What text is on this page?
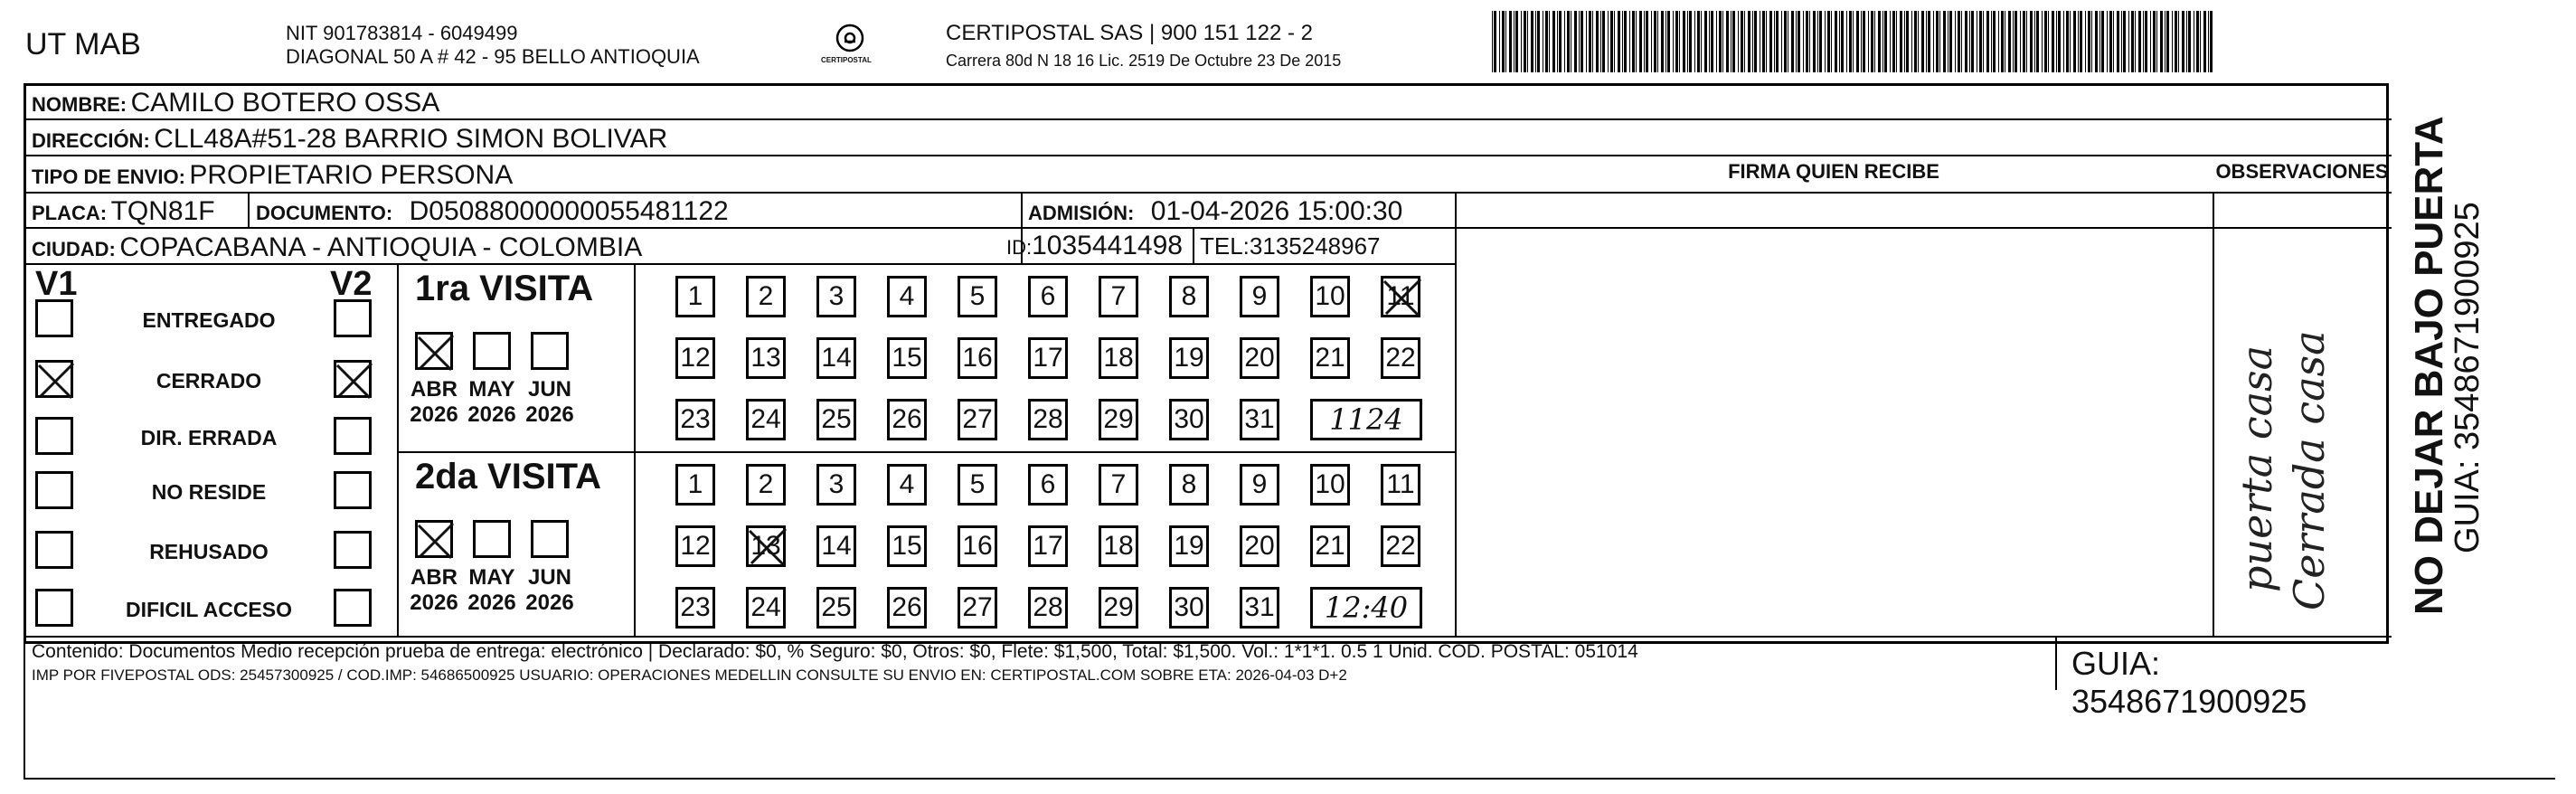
UT MAB	NIT 901783814 - 6049499
DIAGONAL 50 A # 42 - 95 BELLO ANTIOQUIA	CERTIPOSTAL
CERTIPOSTAL SAS | 900 151 122 - 2
Carrera 80d N 18 16 Lic. 2519 De Octubre 23 De 2015
NOMBRE: CAMILO BOTERO OSSA
DIRECCIÓN: CLL48A#51-28 BARRIO SIMON BOLIVAR
TIPO DE ENVIO: PROPIETARIO PERSONA	FIRMA QUIEN RECIBE	OBSERVACIONES
PLACA: TQN81F DOCUMENTO: D05088000000055481122	ADMISIÓN: 01-04-2026 15:00:30
CIUDAD: COPACABANA - ANTIOQUIA - COLOMBIA	ID:1035441498 TEL:3135248967
V1	V2
ENTREGADO
CERRADO
DIR. ERRADA
NO RESIDE
REHUSADO
DIFICIL ACCESO
1ra VISITA
ABR
2026
MAY
2026
JUN
2026
1	2	3	4	5	6	7	8	9	10 11
12 13 14 15 16 17 18 19 20 21 22
23 24 25 26 27 28 29 30 31	1124
2da VISITA
ABR
2026
MAY
2026
JUN
2026
1	2	3	4	5	6	7	8	9	10 11
12 13 14 15 16 17 18 19 20 21 22
23 24 25 26 27 28 29 30 31	12:40
puerta casa Cerrada casa
Contenido: Documentos Medio recepción prueba de entrega: electrónico | Declarado: $0, % Seguro: $0, Otros: $0, Flete: $1,500, Total: $1,500. Vol.: 1*1*1. 0.5 1 Unid. COD. POSTAL: 051014
IMP POR FIVEPOSTAL ODS: 25457300925 / COD.IMP: 54686500925 USUARIO: OPERACIONES MEDELLIN CONSULTE SU ENVIO EN: CERTIPOSTAL.COM SOBRE ETA: 2026-04-03 D+2	GUIA: 3548671900925
NO DEJAR BAJO PUERTA
GUIA: 3548671900925
